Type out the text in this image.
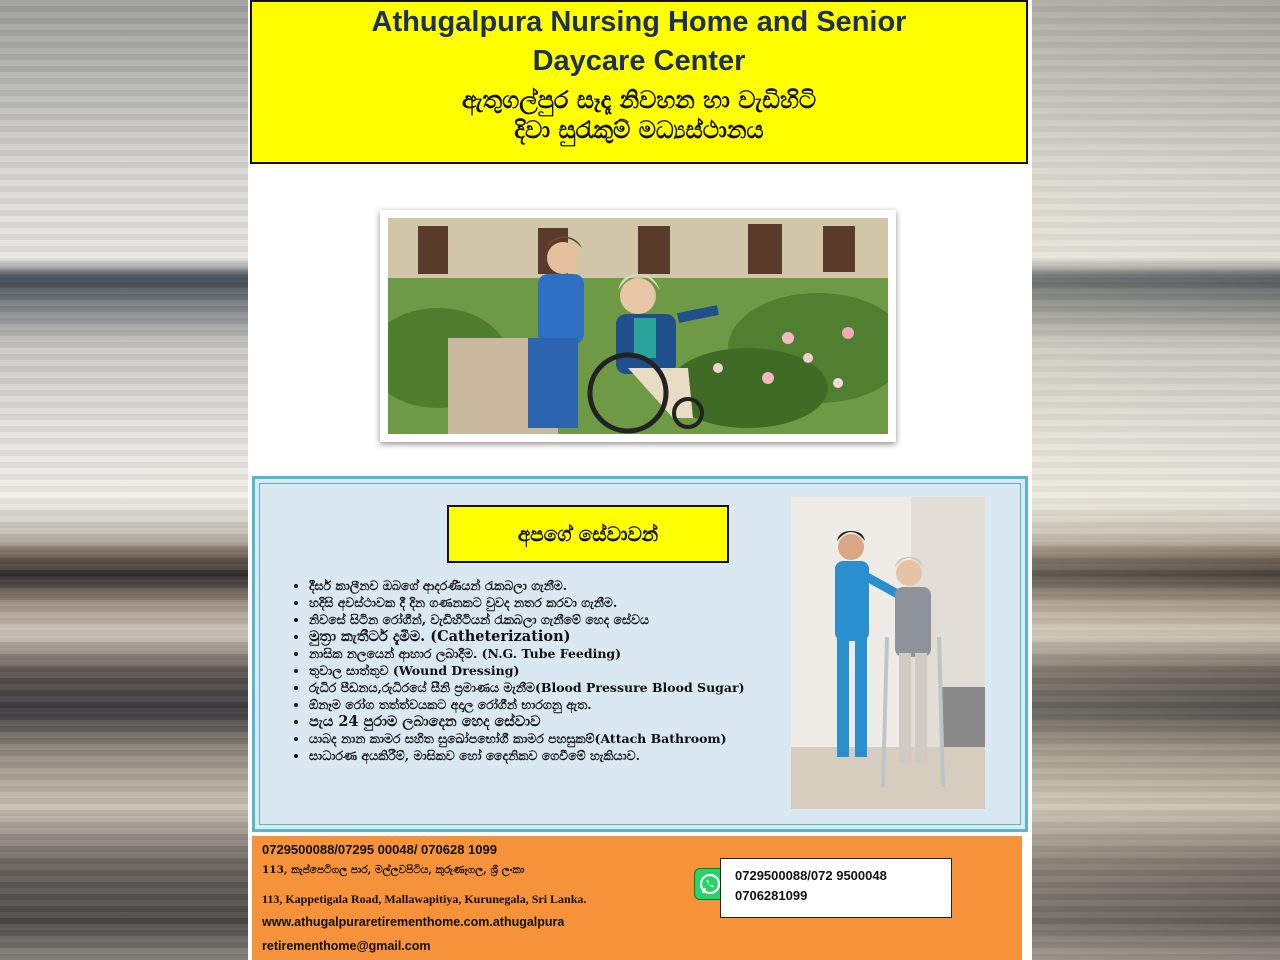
Athugalpura Nursing Home and Senior
Daycare Center
ඇතුගල්පුර සෑදෑ නිවහන හා වැඩිහිටි
දිවා සුරැකුම් මධ්‍යස්ථානය
අපගේ සේවාවන්
• දීර්ඝ කාලීනව ඔබගේ ආදරණීයන් රැකබලා ගැනීම.
• හදිසි අවස්ථාවක දී දින ගණනකට වුවද නතර කරවා ගැනීම.
• නිවසේ සිටින රෝගීන්, වැඩිහිටියන් රැකබලා ගැනීමේ හෙද සේවය
• මුත්‍රා කැතීටර් දැමීම. (Catheterization)
• නාසික නලයෙන් ආහාර ලබාදීම. (N.G. Tube Feeding)
• තුවාල සාත්තුව (Wound Dressing)
• රුධිර පීඩනය,රුධිරයේ සීනි ප්‍රමාණය මැනීම(Blood Pressure Blood Sugar)
• ඕනෑම රෝග තත්ත්වයකට අදාල රෝගීන් භාරගනු ඇත.
• පැය 24 පුරාම ලබාදෙන හෙද සේවාව
• යාබද නාන කාමර සහිත සුඛෝපභෝගී කාමර පහසුකම්(Attach Bathroom)
• සාධාරණ අයකිරීම්, මාසිකව හෝ දෛනිකව ගෙවීමේ හැකියාව.
0729500088/07295 00048/ 070628 1099
113, කැප්පෙටිගල පාර, මල්ලවපිටිය, කුරුණෑගල, ශ්‍රී ලංකා
113, Kappetigala Road, Mallawapitiya, Kurunegala, Sri Lanka.
www.athugalpuraretirementhome.com.athugalpura
retirementhome@gmail.com
0729500088/072 9500048
0706281099
